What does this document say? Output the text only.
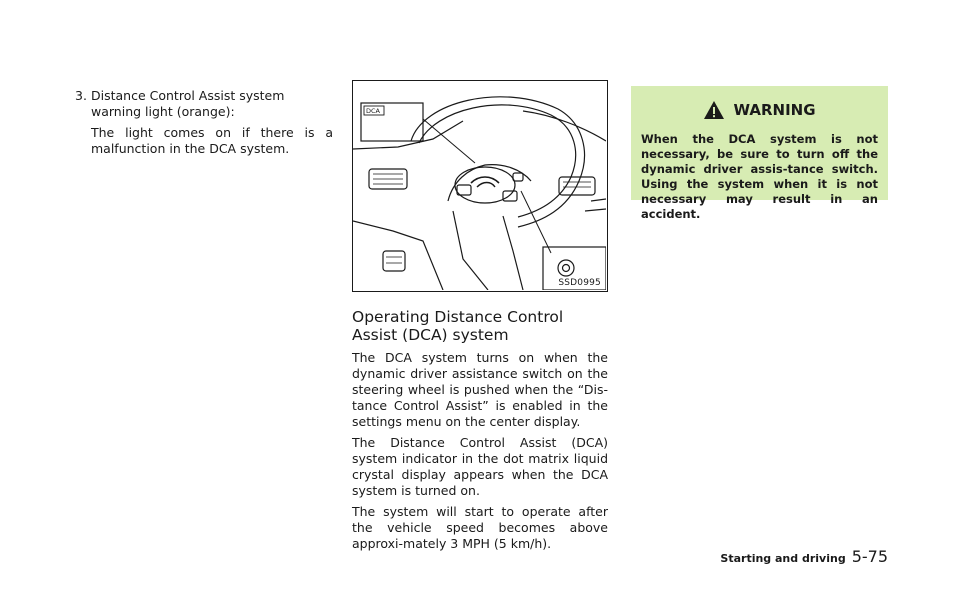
3. Distance Control Assist system warning light (orange):

The light comes on if there is a malfunction in the DCA system.

DCA
SSD0995
Operating Distance Control Assist (DCA) system

The DCA system turns on when the dynamic driver assistance switch on the steering wheel is pushed when the “Dis-tance Control Assist” is enabled in the settings menu on the center display.

The Distance Control Assist (DCA) system indicator in the dot matrix liquid crystal display appears when the DCA system is turned on.

The system will start to operate after the vehicle speed becomes above approxi-mately 3 MPH (5 km/h).

WARNING
When the DCA system is not necessary, be sure to turn off the dynamic driver assis-tance switch. Using the system when it is not necessary may result in an accident.
Starting and driving 5-75
